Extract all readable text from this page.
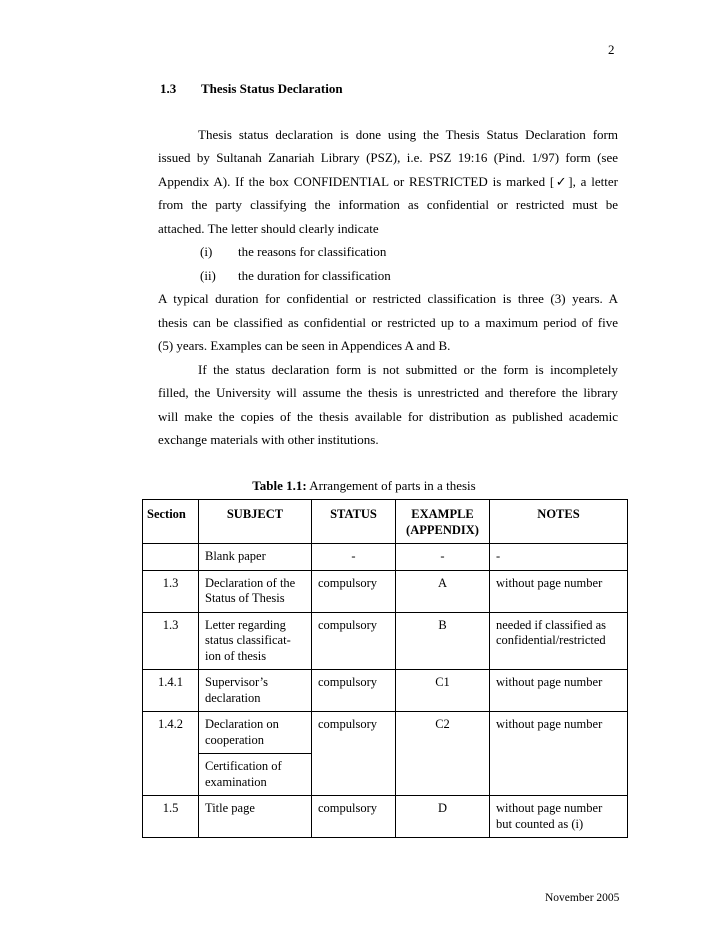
2
1.3 Thesis Status Declaration
Thesis status declaration is done using the Thesis Status Declaration form
issued by Sultanah Zanariah Library (PSZ), i.e. PSZ 19:16 (Pind. 1/97) form (see
Appendix A). If the box CONFIDENTIAL or RESTRICTED is marked [✓], a letter
from the party classifying the information as confidential or restricted must be
attached. The letter should clearly indicate
(i) the reasons for classification
(ii) the duration for classification
A typical duration for confidential or restricted classification is three (3) years. A
thesis can be classified as confidential or restricted up to a maximum period of five
(5) years. Examples can be seen in Appendices A and B.
If the status declaration form is not submitted or the form is incompletely
filled, the University will assume the thesis is unrestricted and therefore the library
will make the copies of the thesis available for distribution as published academic
exchange materials with other institutions.
Table 1.1: Arrangement of parts in a thesis
Section	SUBJECT	STATUS	EXAMPLE (APPENDIX)	NOTES
	Blank paper	-	-	-
1.3	Declaration of the Status of Thesis	compulsory	A	without page number
1.3	Letter regarding status classificat- ion of thesis	compulsory	B	needed if classified as confidential/restricted
1.4.1	Supervisor’s declaration	compulsory	C1	without page number
1.4.2	Declaration on cooperation	compulsory	C2	without page number
	Certification of examination			
1.5	Title page	compulsory	D	without page number but counted as (i)
November 2005
